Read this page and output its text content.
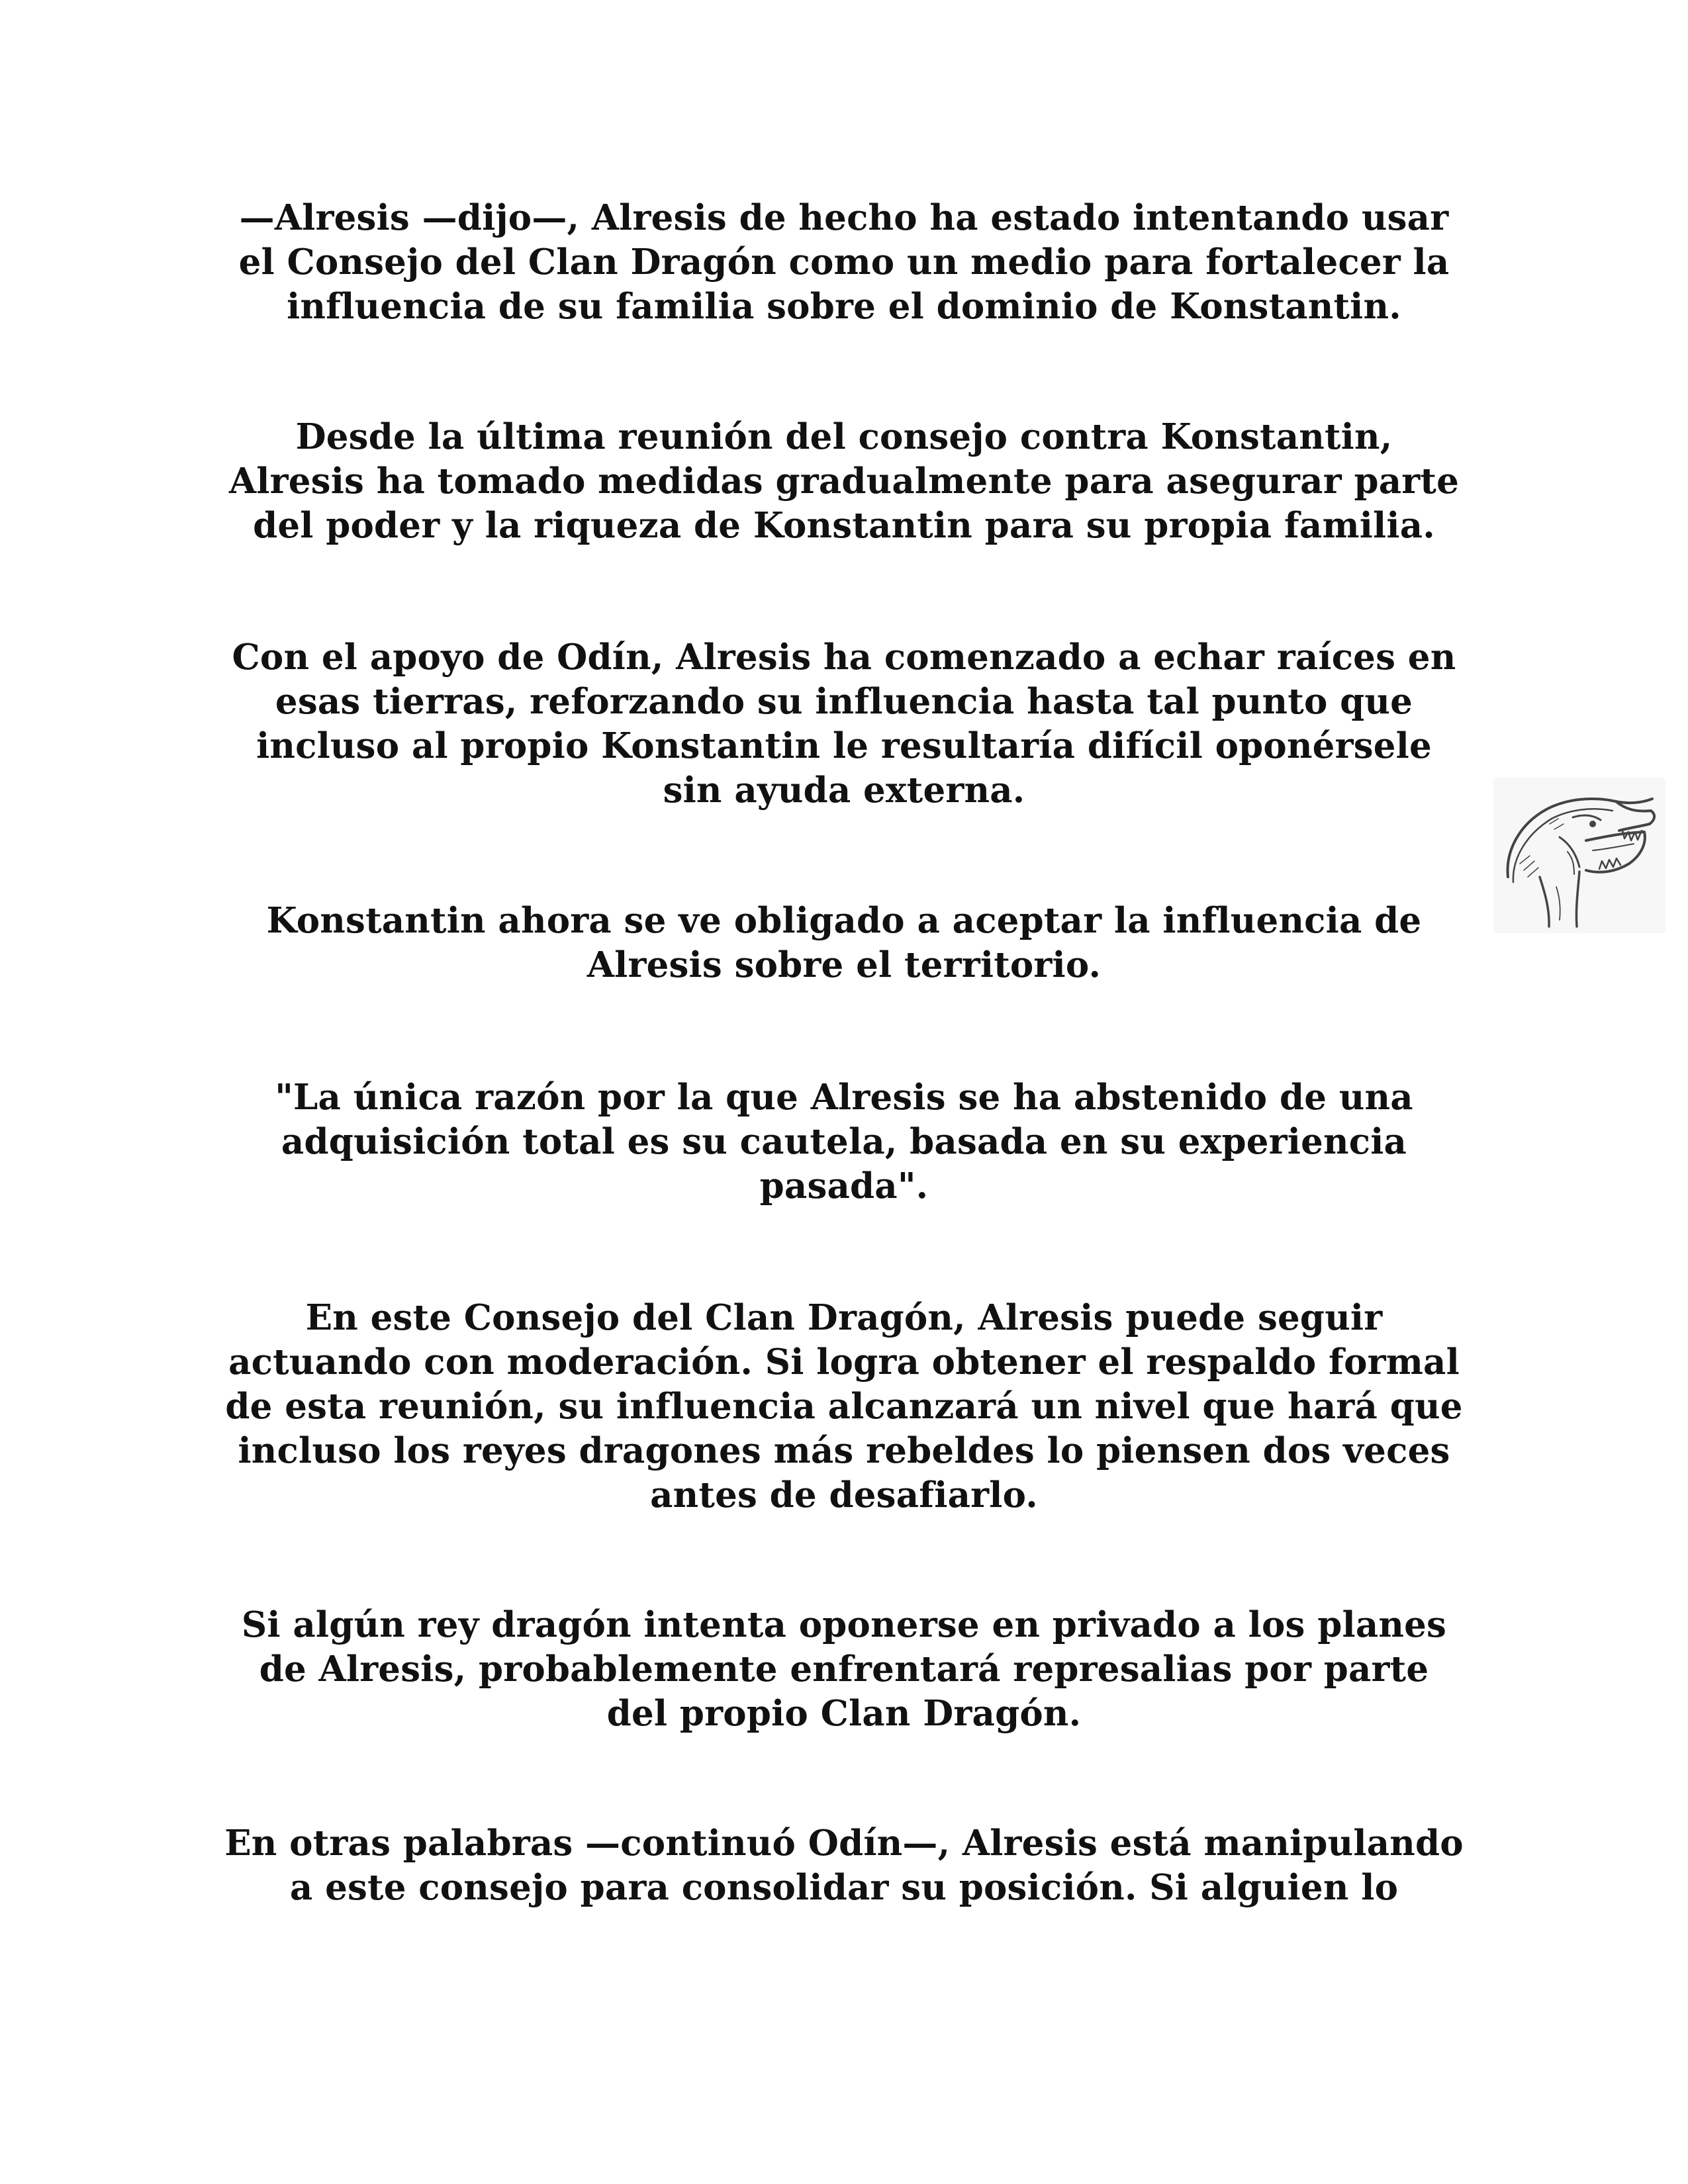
—Alresis —dijo—, Alresis de hecho ha estado intentando usar
el Consejo del Clan Dragón como un medio para fortalecer la
influencia de su familia sobre el dominio de Konstantin.

Desde la última reunión del consejo contra Konstantin,
Alresis ha tomado medidas gradualmente para asegurar parte
del poder y la riqueza de Konstantin para su propia familia.

Con el apoyo de Odín, Alresis ha comenzado a echar raíces en
esas tierras, reforzando su influencia hasta tal punto que
incluso al propio Konstantin le resultaría difícil oponérsele
sin ayuda externa.

Konstantin ahora se ve obligado a aceptar la influencia de
Alresis sobre el territorio.

"La única razón por la que Alresis se ha abstenido de una
adquisición total es su cautela, basada en su experiencia
pasada".

En este Consejo del Clan Dragón, Alresis puede seguir
actuando con moderación. Si logra obtener el respaldo formal
de esta reunión, su influencia alcanzará un nivel que hará que
incluso los reyes dragones más rebeldes lo piensen dos veces
antes de desafiarlo.

Si algún rey dragón intenta oponerse en privado a los planes
de Alresis, probablemente enfrentará represalias por parte
del propio Clan Dragón.

En otras palabras —continuó Odín—, Alresis está manipulando
a este consejo para consolidar su posición. Si alguien lo
